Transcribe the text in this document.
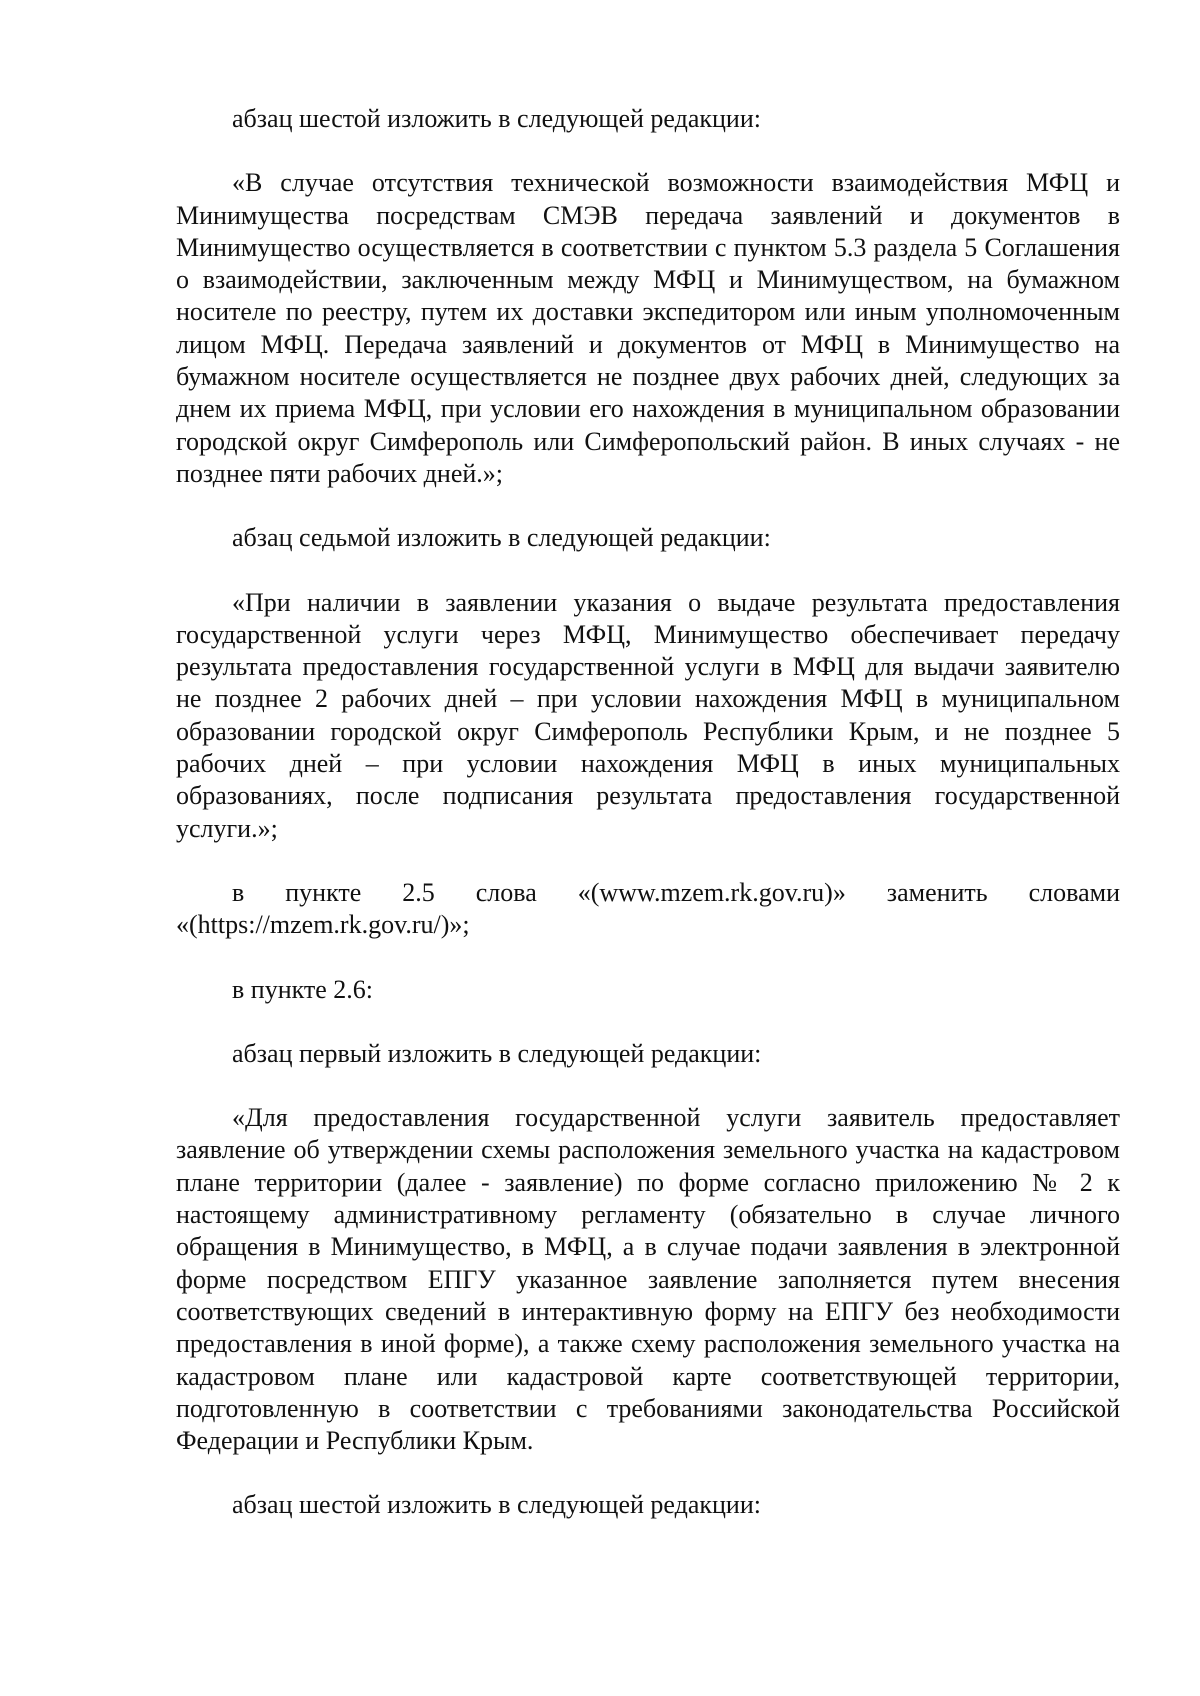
абзац шестой изложить в следующей редакции:

«В случае отсутствия технической возможности взаимодействия МФЦ и Минимущества посредствам СМЭВ передача заявлений и документов в Минимущество осуществляется в соответствии с пунктом 5.3 раздела 5 Соглашения о взаимодействии, заключенным между МФЦ и Минимуществом, на бумажном носителе по реестру, путем их доставки экспедитором или иным уполномоченным лицом МФЦ. Передача заявлений и документов от МФЦ в Минимущество на бумажном носителе осуществляется не позднее двух рабочих дней, следующих за днем их приема МФЦ, при условии его нахождения в муниципальном образовании городской округ Симферополь или Симферопольский район. В иных случаях - не позднее пяти рабочих дней.»;

абзац седьмой изложить в следующей редакции:

«При наличии в заявлении указания о выдаче результата предоставления государственной услуги через МФЦ, Минимущество обеспечивает передачу результата предоставления государственной услуги в МФЦ для выдачи заявителю не позднее 2 рабочих дней – при условии нахождения МФЦ в муниципальном образовании городской округ Симферополь Республики Крым, и не позднее 5 рабочих дней – при условии нахождения МФЦ в иных муниципальных образованиях, после подписания результата предоставления государственной услуги.»;

в пункте 2.5 слова «(www.mzem.rk.gov.ru)» заменить словами «(https://mzem.rk.gov.ru/)»;

в пункте 2.6:

абзац первый изложить в следующей редакции:

«Для предоставления государственной услуги заявитель предоставляет заявление об утверждении схемы расположения земельного участка на кадастровом плане территории (далее - заявление) по форме согласно приложению № 2 к настоящему административному регламенту (обязательно в случае личного обращения в Минимущество, в МФЦ, а в случае подачи заявления в электронной форме посредством ЕПГУ указанное заявление заполняется путем внесения соответствующих сведений в интерактивную форму на ЕПГУ без необходимости предоставления в иной форме), а также схему расположения земельного участка на кадастровом плане или кадастровой карте соответствующей территории, подготовленную в соответствии с требованиями законодательства Российской Федерации и Республики Крым.

абзац шестой изложить в следующей редакции:
